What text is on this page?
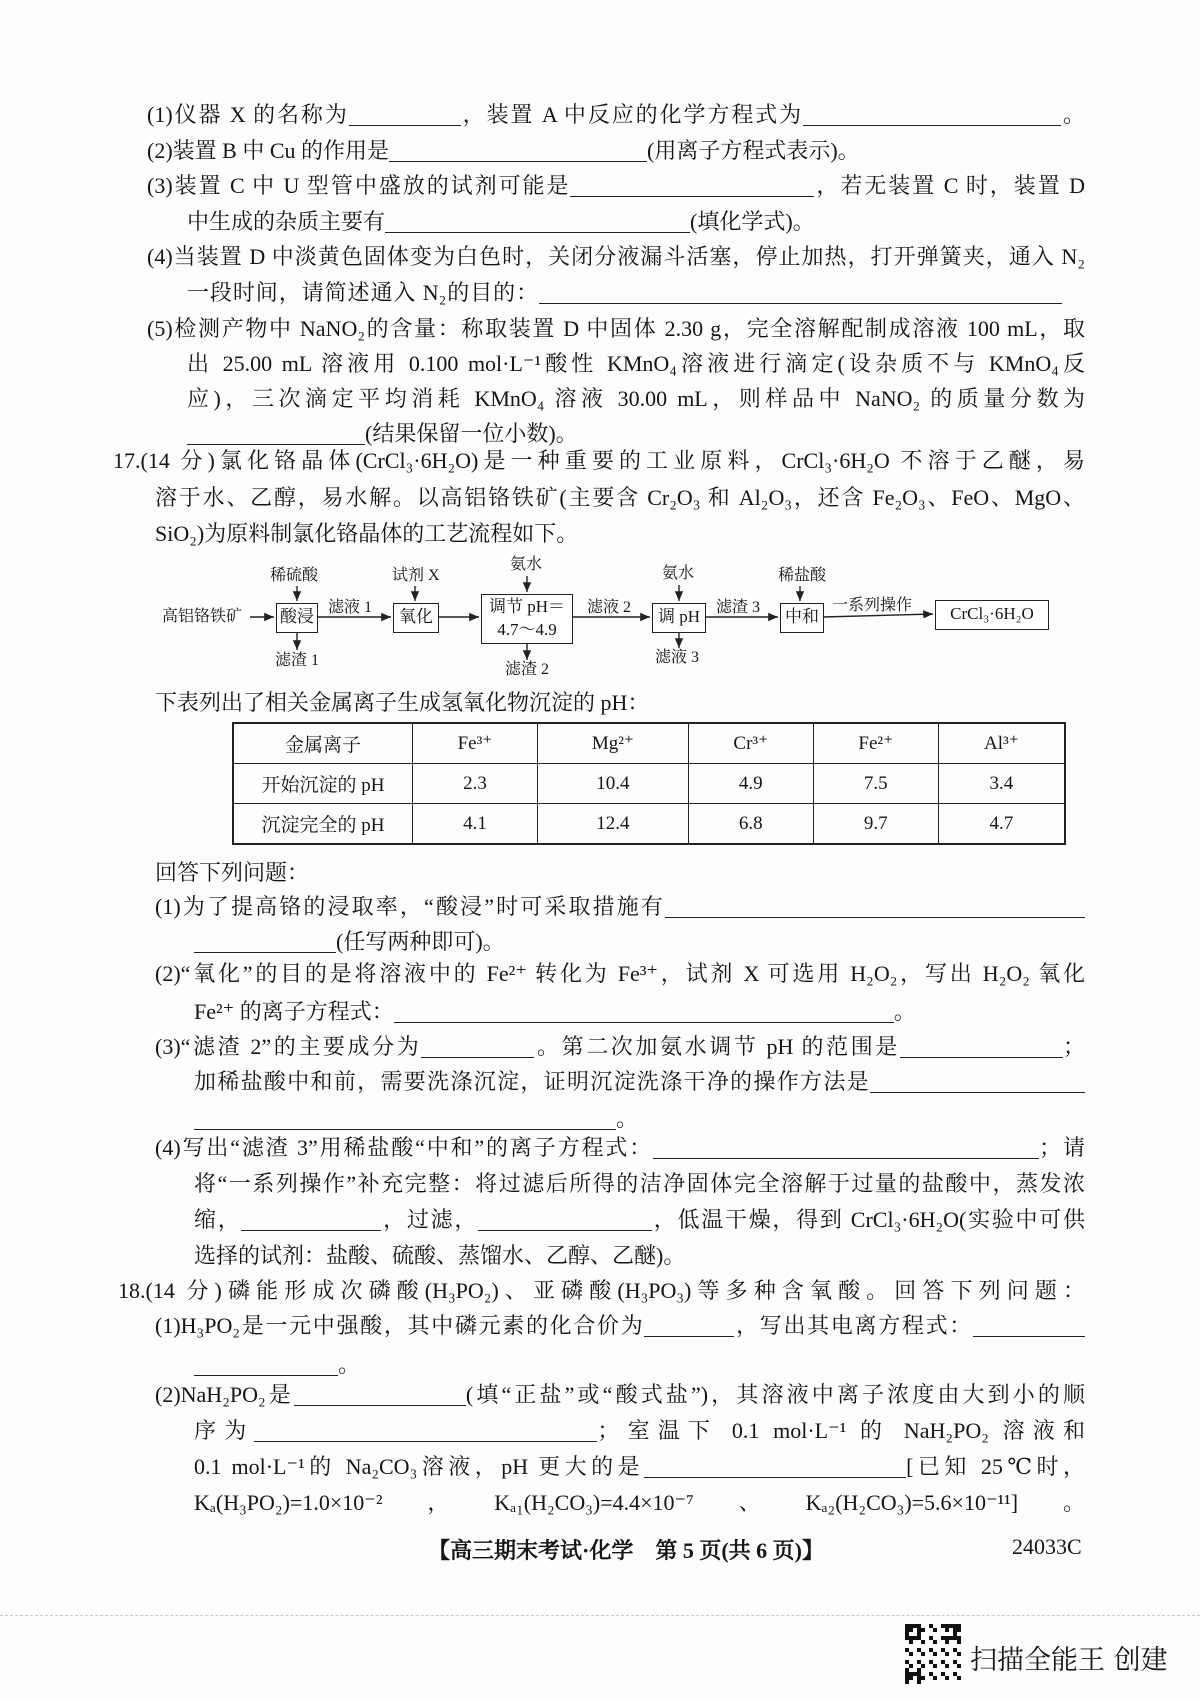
(1)仪器 X 的名称为	，装置 A 中反应的化学方程式为	。
(2)装置 B 中 Cu 的作用是	(用离子方程式表示)。
(3)装置 C 中 U 型管中盛放的试剂可能是	，若无装置 C 时，装置 D
中生成的杂质主要有	(填化学式)。
(4)当装置 D 中淡黄色固体变为白色时，关闭分液漏斗活塞，停止加热，打开弹簧夹，通入 N₂
一段时间，请简述通入 N₂的目的：
(5)检测产物中 NaNO₂的含量：称取装置 D 中固体 2.30 g，完全溶解配制成溶液 100 mL，取
出 25.00 mL 溶液用 0.100 mol·L⁻¹酸性 KMnO₄溶液进行滴定(设杂质不与 KMnO₄反
应)，三次滴定平均消耗 KMnO₄ 溶液 30.00 mL，则样品中 NaNO₂ 的质量分数为
(结果保留一位小数)。
17.(14 分)氯化铬晶体(CrCl₃·6H₂O)是一种重要的工业原料，CrCl₃·6H₂O 不溶于乙醚，易
溶于水、乙醇，易水解。以高铝铬铁矿(主要含 Cr₂O₃ 和 Al₂O₃，还含 Fe₂O₃、FeO、MgO、
SiO₂)为原料制氯化铬晶体的工艺流程如下。
下表列出了相关金属离子生成氢氧化物沉淀的 pH：
回答下列问题：
(1)为了提高铬的浸取率，“酸浸”时可采取措施有
(任写两种即可)。
(2)“氧化”的目的是将溶液中的 Fe²⁺ 转化为 Fe³⁺，试剂 X 可选用 H₂O₂，写出 H₂O₂ 氧化
Fe²⁺ 的离子方程式：	。
(3)“滤渣 2”的主要成分为	。第二次加氨水调节 pH 的范围是	；
加稀盐酸中和前，需要洗涤沉淀，证明沉淀洗涤干净的操作方法是
。
(4)写出“滤渣 3”用稀盐酸“中和”的离子方程式：	；请
将“一系列操作”补充完整：将过滤后所得的洁净固体完全溶解于过量的盐酸中，蒸发浓
缩，	，过滤，	，低温干燥，得到 CrCl₃·6H₂O(实验中可供
选择的试剂：盐酸、硫酸、蒸馏水、乙醇、乙醚)。
18.(14 分)磷能形成次磷酸(H₃PO₂)、亚磷酸(H₃PO₃)等多种含氧酸。回答下列问题：
(1)H₃PO₂是一元中强酸，其中磷元素的化合价为	，写出其电离方程式：
。
(2)NaH₂PO₂是	(填“正盐”或“酸式盐”)，其溶液中离子浓度由大到小的顺
序为	；室温下 0.1 mol·L⁻¹ 的 NaH₂PO₂ 溶液和
0.1 mol·L⁻¹的 Na₂CO₃溶液，pH 更大的是	[已知 25℃时，
Kₐ(H₃PO₂)=1.0×10⁻²，Kₐ₁(H₂CO₃)=4.4×10⁻⁷、Kₐ₂(H₂CO₃)=5.6×10⁻¹¹]。
高铝铬铁矿 酸浸
稀硫酸
滤渣 1
滤液 1	氧化
试剂 X
调节 pH＝
4.7～4.9
氨水
滤渣 2
滤液 2	调 pH
氨水
滤液 3
滤渣 3 中和
稀盐酸
一系列操作	CrCl₃·6H₂O
金属离子	Fe³⁺	Mg²⁺	Cr³⁺	Fe²⁺	Al³⁺
开始沉淀的 pH	2.3	10.4	4.9	7.5	3.4
沉淀完全的 pH	4.1	12.4	6.8	9.7	4.7
【高三期末考试·化学　第 5 页(共 6 页)】	24033C
扫描全能王 创建
